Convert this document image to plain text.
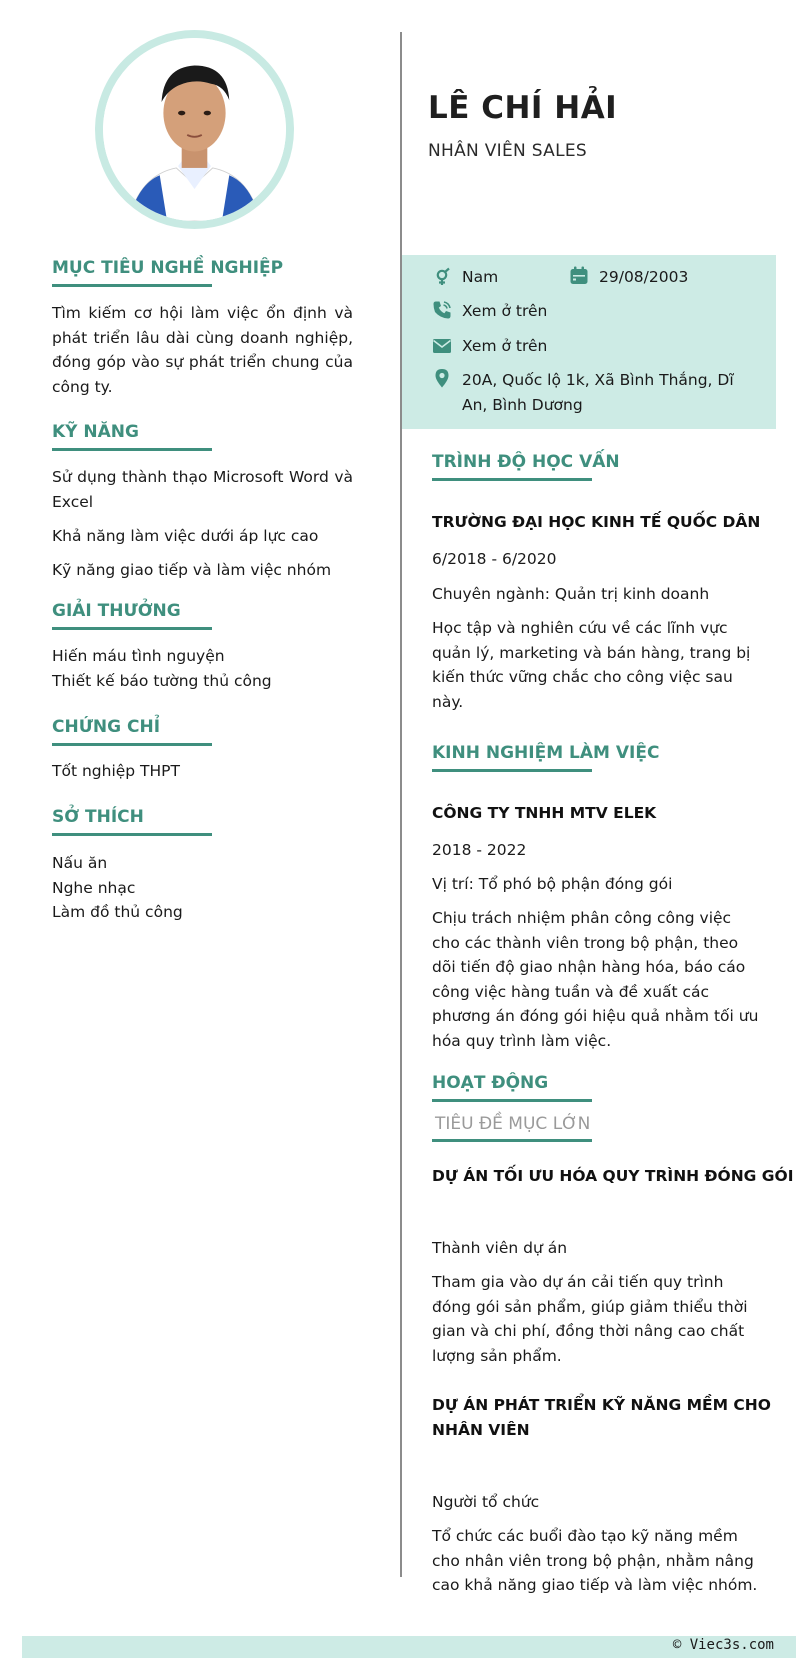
MỤC TIÊU NGHỀ NGHIỆP
Tìm kiếm cơ hội làm việc ổn định và
phát triển lâu dài cùng doanh nghiệp,
đóng góp vào sự phát triển chung của
công ty.
KỸ NĂNG
Sử dụng thành thạo Microsoft Word và
Excel
Khả năng làm việc dưới áp lực cao
Kỹ năng giao tiếp và làm việc nhóm
GIẢI THƯỞNG
Hiến máu tình nguyện
Thiết kế báo tường thủ công
CHỨNG CHỈ
Tốt nghiệp THPT
SỞ THÍCH
Nấu ăn
Nghe nhạc
Làm đồ thủ công
LÊ CHÍ HẢI
NHÂN VIÊN SALES
Nam	29/08/2003
Xem ở trên
Xem ở trên
20A, Quốc lộ 1k, Xã Bình Thắng, Dĩ
An, Bình Dương
TRÌNH ĐỘ HỌC VẤN
TRƯỜNG ĐẠI HỌC KINH TẾ QUỐC DÂN
6/2018 - 6/2020
Chuyên ngành: Quản trị kinh doanh
Học tập và nghiên cứu về các lĩnh vực
quản lý, marketing và bán hàng, trang bị
kiến thức vững chắc cho công việc sau
này.
KINH NGHIỆM LÀM VIỆC
CÔNG TY TNHH MTV ELEK
2018 - 2022
Vị trí: Tổ phó bộ phận đóng gói
Chịu trách nhiệm phân công công việc
cho các thành viên trong bộ phận, theo
dõi tiến độ giao nhận hàng hóa, báo cáo
công việc hàng tuần và đề xuất các
phương án đóng gói hiệu quả nhằm tối ưu
hóa quy trình làm việc.
HOẠT ĐỘNG
TIÊU ĐỀ MỤC LỚN
DỰ ÁN TỐI ƯU HÓA QUY TRÌNH ĐÓNG GÓI
Thành viên dự án
Tham gia vào dự án cải tiến quy trình
đóng gói sản phẩm, giúp giảm thiểu thời
gian và chi phí, đồng thời nâng cao chất
lượng sản phẩm.
DỰ ÁN PHÁT TRIỂN KỸ NĂNG MỀM CHO
NHÂN VIÊN
Người tổ chức
Tổ chức các buổi đào tạo kỹ năng mềm
cho nhân viên trong bộ phận, nhằm nâng
cao khả năng giao tiếp và làm việc nhóm.
© Viec3s.com
